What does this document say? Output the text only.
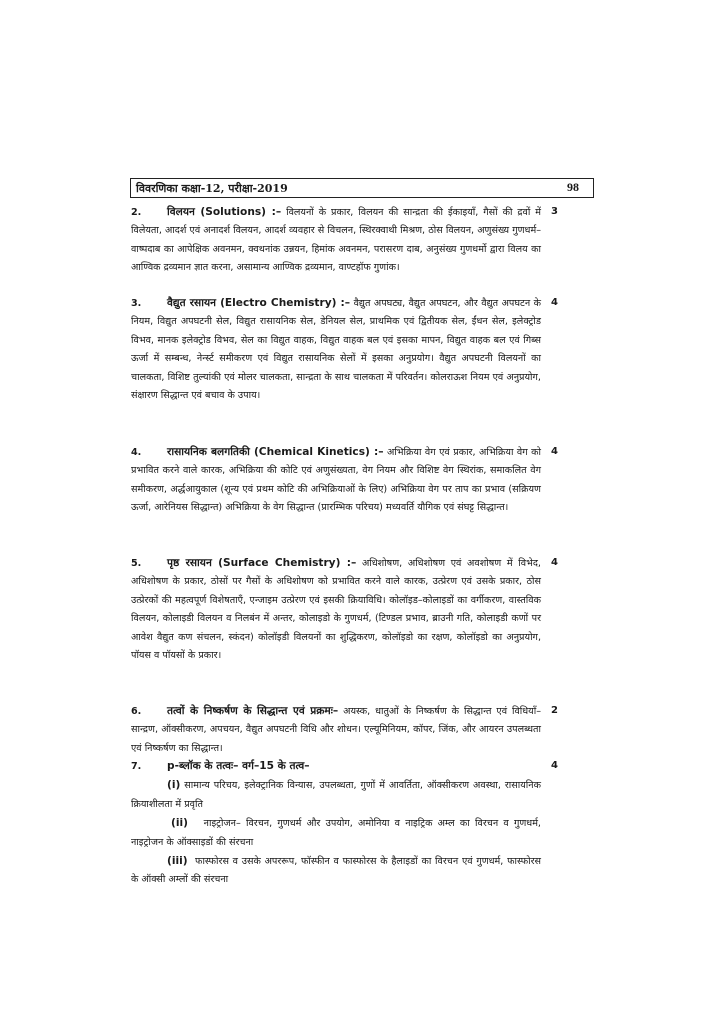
विवरणिका कक्षा-12, परीक्षा-2019	98

2. विलयन (Solutions) :– विलयनों के प्रकार, विलयन की सान्द्रता की ईकाइयाँ, गैसों की द्रवों में विलेयता, आदर्श एवं अनादर्श विलयन, आदर्श व्यवहार से विचलन, स्थिरक्वाथी मिश्रण, ठोस विलयन, अणुसंख्य गुणधर्म–वाष्पदाब का आपेक्षिक अवनमन, क्वथनांक उन्नयन, हिमांक अवनमन, परासरण दाब, अनुसंख्य गुणधर्मो द्वारा विलय का आण्विक द्रव्यमान ज्ञात करना, असामान्य आण्विक द्रव्यमान, वाण्टहॉफ गुणांक।

3

3. वैद्युत रसायन (Electro Chemistry) :– वैद्युत अपघट्य, वैद्युत अपघटन, और वैद्युत अपघटन के नियम, विद्युत अपघटनी सेल, विद्युत रासायनिक सेल, डेनियल सेल, प्राथमिक एवं द्वितीयक सेल, ईंधन सेल, इलेक्ट्रोड विभव, मानक इलेक्ट्रोड विभव, सेल का विद्युत वाहक, विद्युत वाहक बल एवं इसका मापन, विद्युत वाहक बल एवं गिब्स ऊर्जा में सम्बन्ध, नेर्न्स्ट समीकरण एवं विद्युत रासायनिक सेलों में इसका अनुप्रयोग। वैद्युत अपघटनी विलयनों का चालकता, विशिष्ट तुल्यांकी एवं मोलर चालकता, सान्द्रता के साथ चालकता में परिवर्तन। कोलराऊश नियम एवं अनुप्रयोग, संक्षारण सिद्धान्त एवं बचाव के उपाय।

4

4. रासायनिक बलगतिकी (Chemical Kinetics) :– अभिक्रिया वेग एवं प्रकार, अभिक्रिया वेग को प्रभावित करने वाले कारक, अभिक्रिया की कोटि एवं अणुसंख्यता, वेग नियम और विशिष्ट वेग स्थिरांक, समाकलित वेग समीकरण, अर्द्धआयुकाल (शून्य एवं प्रथम कोटि की अभिक्रियाओं के लिए) अभिक्रिया वेग पर ताप का प्रभाव (सक्रियण ऊर्जा, आरेनियस सिद्धान्त) अभिक्रिया के वेग सिद्धान्त (प्रारम्भिक परिचय) मध्यवर्ति यौगिक एवं संघट्ट सिद्धान्त।

4

5. पृष्ठ रसायन (Surface Chemistry) :– अधिशोषण, अधिशोषण एवं अवशोषण में विभेद, अधिशोषण के प्रकार, ठोसों पर गैसों के अधिशोषण को प्रभावित करने वाले कारक, उत्प्रेरण एवं उसके प्रकार, ठोस उत्प्रेरकों की महत्वपूर्ण विशेषताएँ, एन्जाइम उत्प्रेरण एवं इसकी क्रियाविधि। कोलॉइड–कोलाइडों का वर्गीकरण, वास्तविक विलयन, कोलाइडी विलयन व निलबंन में अन्तर, कोलाइडो के गुणधर्म, (टिण्डल प्रभाव, ब्राउनी गति, कोलाइडी कणों पर आवेश वैद्युत कण संचलन, स्कंदन) कोलॉइडी विलयनों का शुद्धिकरण, कोलॉइडो का रक्षण, कोलॉइडो का अनुप्रयोग, पॉयस व पॉयसों के प्रकार।

4

6. तत्वों के निष्कर्षण के सिद्धान्त एवं प्रक्रमः– अयस्क, धातुओं के निष्कर्षण के सिद्धान्त एवं विधियाँ– सान्द्रण, ऑक्सीकरण, अपचयन, वैद्युत अपघटनी विधि और शोधन। एल्यूमिनियम, कॉपर, जिंक, और आयरन उपलब्धता एवं निष्कर्षण का सिद्धान्त।

2

7. p-ब्लॉक के तत्वः– वर्ग–15 के तत्व–

(i) सामान्य परिचय, इलेक्ट्रानिक विन्यास, उपलब्धता, गुणों में आवर्तिता, ऑक्सीकरण अवस्था, रासायनिक क्रियाशीलता में प्रवृति

(ii) नाइट्रोजन– विरचन, गुणधर्म और उपयोग, अमोनिया व नाइट्रिक अम्ल का विरचन व गुणधर्म, नाइट्रोजन के ऑक्साइडों की संरचना

(iii) फास्फोरस व उसके अपररूप, फॉस्फीन व फास्फोरस के हैलाइडों का विरचन एवं गुणधर्म, फास्फोरस के ऑक्सी अम्लों की संरचना

4
